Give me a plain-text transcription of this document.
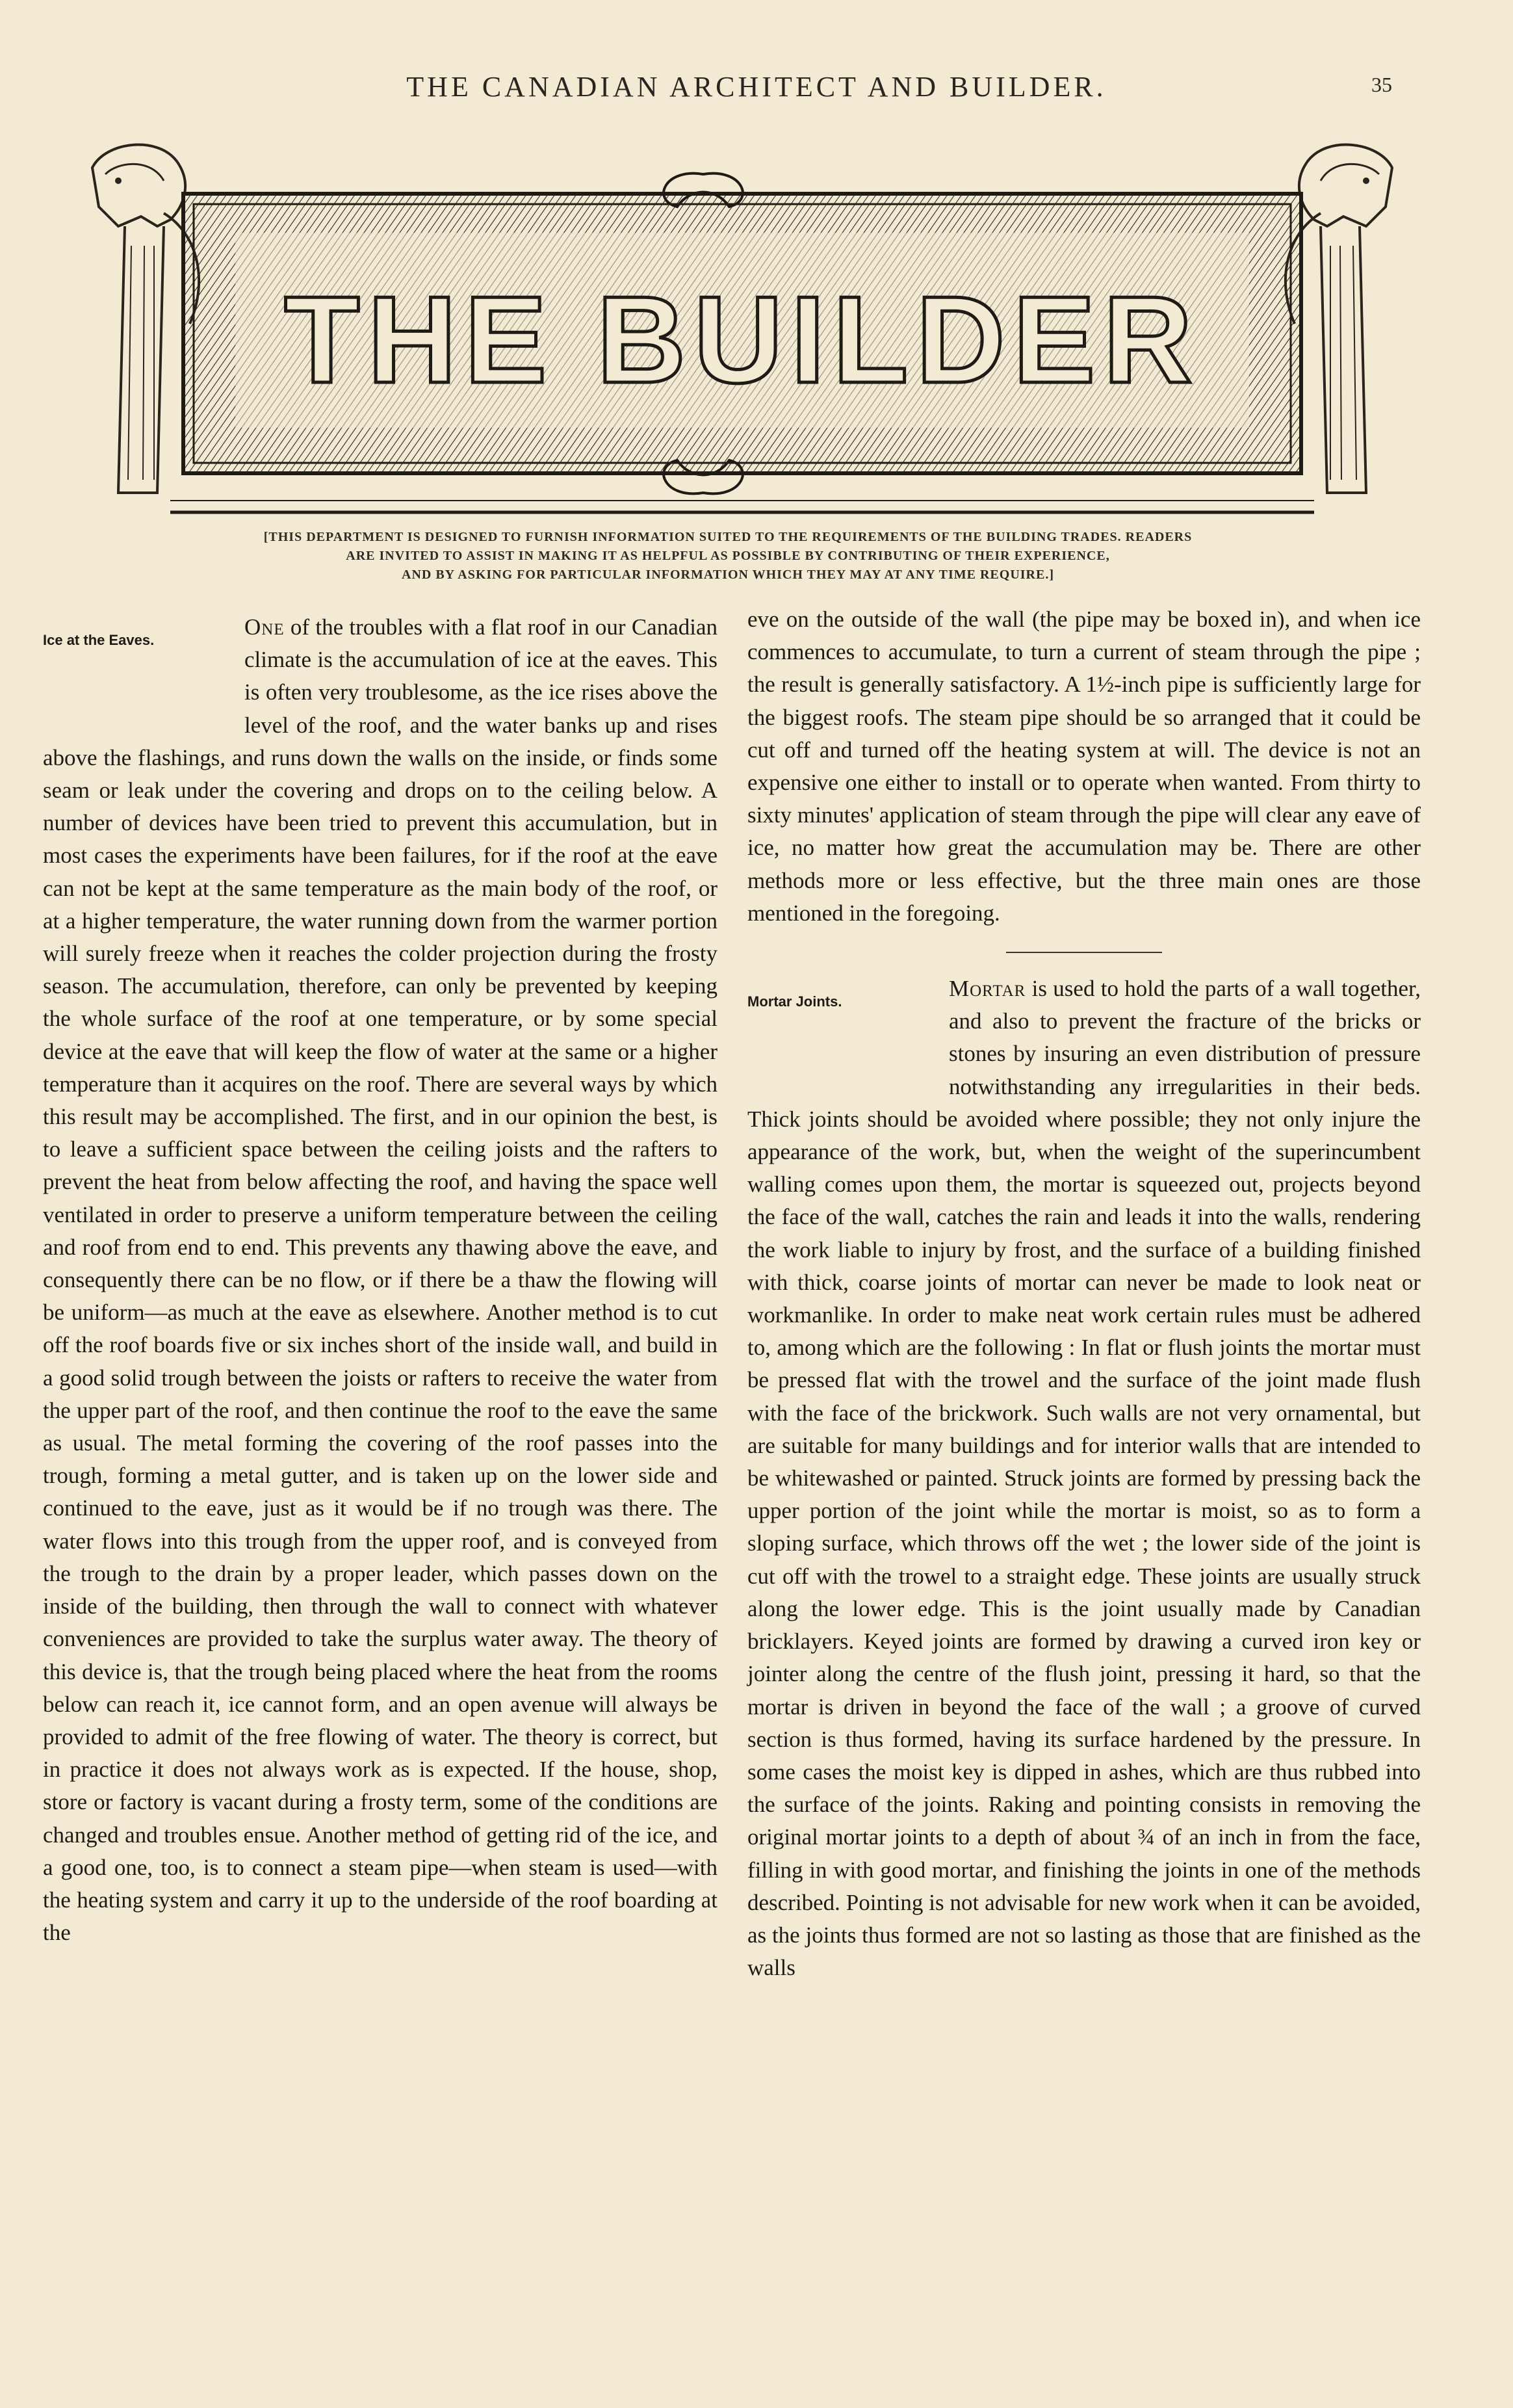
THE CANADIAN ARCHITECT AND BUILDER.	35
THE BUILDER
[THIS DEPARTMENT IS DESIGNED TO FURNISH INFORMATION SUITED TO THE REQUIREMENTS OF THE BUILDING TRADES. READERS
ARE INVITED TO ASSIST IN MAKING IT AS HELPFUL AS POSSIBLE BY CONTRIBUTING OF THEIR EXPERIENCE,
AND BY ASKING FOR PARTICULAR INFORMATION WHICH THEY MAY AT ANY TIME REQUIRE.]

Ice at the Eaves.
One of the troubles with a flat roof in our Canadian climate is the accumulation of ice at the eaves. This is often very troublesome, as the ice rises above the level of the roof, and the water banks up and rises above the flashings, and runs down the walls on the inside, or finds some seam or leak under the covering and drops on to the ceiling below. A number of devices have been tried to prevent this accumulation, but in most cases the experiments have been failures, for if the roof at the eave can not be kept at the same temperature as the main body of the roof, or at a higher temperature, the water running down from the warmer portion will surely freeze when it reaches the colder projection during the frosty season. The accumulation, therefore, can only be prevented by keeping the whole surface of the roof at one temperature, or by some special device at the eave that will keep the flow of water at the same or a higher temperature than it acquires on the roof. There are several ways by which this result may be accomplished. The first, and in our opinion the best, is to leave a sufficient space between the ceiling joists and the rafters to prevent the heat from below affecting the roof, and having the space well ventilated in order to preserve a uniform temperature between the ceiling and roof from end to end. This prevents any thawing above the eave, and consequently there can be no flow, or if there be a thaw the flowing will be uniform—as much at the eave as elsewhere. Another method is to cut off the roof boards five or six inches short of the inside wall, and build in a good solid trough between the joists or rafters to receive the water from the upper part of the roof, and then continue the roof to the eave the same as usual. The metal forming the covering of the roof passes into the trough, forming a metal gutter, and is taken up on the lower side and continued to the eave, just as it would be if no trough was there. The water flows into this trough from the upper roof, and is conveyed from the trough to the drain by a proper leader, which passes down on the inside of the building, then through the wall to connect with whatever conveniences are provided to take the surplus water away. The theory of this device is, that the trough being placed where the heat from the rooms below can reach it, ice cannot form, and an open avenue will always be provided to admit of the free flowing of water. The theory is correct, but in practice it does not always work as is expected. If the house, shop, store or factory is vacant during a frosty term, some of the conditions are changed and troubles ensue. Another method of getting rid of the ice, and a good one, too, is to connect a steam pipe—when steam is used—with the heating system and carry it up to the underside of the roof boarding at the

eve on the outside of the wall (the pipe may be boxed in), and when ice commences to accumulate, to turn a current of steam through the pipe ; the result is generally satisfactory. A 1½-inch pipe is sufficiently large for the biggest roofs. The steam pipe should be so arranged that it could be cut off and turned off the heating system at will. The device is not an expensive one either to install or to operate when wanted. From thirty to sixty minutes' application of steam through the pipe will clear any eave of ice, no matter how great the accumulation may be. There are other methods more or less effective, but the three main ones are those mentioned in the foregoing.

Mortar Joints.
Mortar is used to hold the parts of a wall together, and also to prevent the fracture of the bricks or stones by insuring an even distribution of pressure notwithstanding any irregularities in their beds. Thick joints should be avoided where possible; they not only injure the appearance of the work, but, when the weight of the superincumbent walling comes upon them, the mortar is squeezed out, projects beyond the face of the wall, catches the rain and leads it into the walls, rendering the work liable to injury by frost, and the surface of a building finished with thick, coarse joints of mortar can never be made to look neat or workmanlike. In order to make neat work certain rules must be adhered to, among which are the following : In flat or flush joints the mortar must be pressed flat with the trowel and the surface of the joint made flush with the face of the brickwork. Such walls are not very ornamental, but are suitable for many buildings and for interior walls that are intended to be whitewashed or painted. Struck joints are formed by pressing back the upper portion of the joint while the mortar is moist, so as to form a sloping surface, which throws off the wet ; the lower side of the joint is cut off with the trowel to a straight edge. These joints are usually struck along the lower edge. This is the joint usually made by Canadian bricklayers. Keyed joints are formed by drawing a curved iron key or jointer along the centre of the flush joint, pressing it hard, so that the mortar is driven in beyond the face of the wall ; a groove of curved section is thus formed, having its surface hardened by the pressure. In some cases the moist key is dipped in ashes, which are thus rubbed into the surface of the joints. Raking and pointing consists in removing the original mortar joints to a depth of about ¾ of an inch in from the face, filling in with good mortar, and finishing the joints in one of the methods described. Pointing is not advisable for new work when it can be avoided, as the joints thus formed are not so lasting as those that are finished as the walls
